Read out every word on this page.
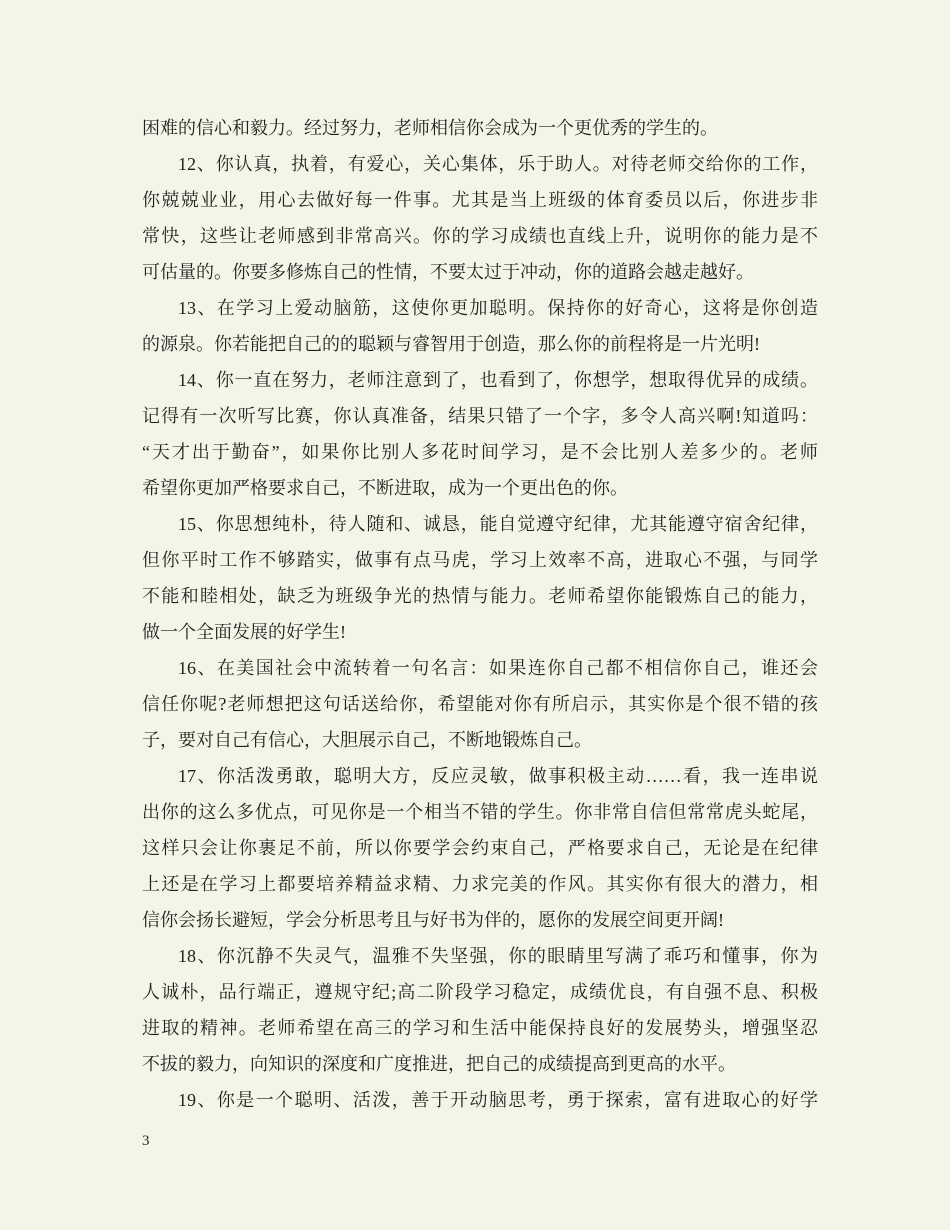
困难的信心和毅力。经过努力，老师相信你会成为一个更优秀的学生的。
12、你认真，执着，有爱心，关心集体，乐于助人。对待老师交给你的工作，
你兢兢业业，用心去做好每一件事。尤其是当上班级的体育委员以后，你进步非
常快，这些让老师感到非常高兴。你的学习成绩也直线上升，说明你的能力是不
可估量的。你要多修炼自己的性情，不要太过于冲动，你的道路会越走越好。
13、在学习上爱动脑筋，这使你更加聪明。保持你的好奇心，这将是你创造
的源泉。你若能把自己的的聪颖与睿智用于创造，那么你的前程将是一片光明!
14、你一直在努力，老师注意到了，也看到了，你想学，想取得优异的成绩。
记得有一次听写比赛，你认真准备，结果只错了一个字，多令人高兴啊!知道吗：
“天才出于勤奋”，如果你比别人多花时间学习，是不会比别人差多少的。老师
希望你更加严格要求自己，不断进取，成为一个更出色的你。
15、你思想纯朴，待人随和、诚恳，能自觉遵守纪律，尤其能遵守宿舍纪律，
但你平时工作不够踏实，做事有点马虎，学习上效率不高，进取心不强，与同学
不能和睦相处，缺乏为班级争光的热情与能力。老师希望你能锻炼自己的能力，
做一个全面发展的好学生!
16、在美国社会中流转着一句名言：如果连你自己都不相信你自己，谁还会
信任你呢?老师想把这句话送给你，希望能对你有所启示，其实你是个很不错的孩
子，要对自己有信心，大胆展示自己，不断地锻炼自己。
17、你活泼勇敢，聪明大方，反应灵敏，做事积极主动……看，我一连串说
出你的这么多优点，可见你是一个相当不错的学生。你非常自信但常常虎头蛇尾，
这样只会让你裹足不前，所以你要学会约束自己，严格要求自己，无论是在纪律
上还是在学习上都要培养精益求精、力求完美的作风。其实你有很大的潜力，相
信你会扬长避短，学会分析思考且与好书为伴的，愿你的发展空间更开阔!
18、你沉静不失灵气，温雅不失坚强，你的眼睛里写满了乖巧和懂事，你为
人诚朴，品行端正，遵规守纪;高二阶段学习稳定，成绩优良，有自强不息、积极
进取的精神。老师希望在高三的学习和生活中能保持良好的发展势头，增强坚忍
不拔的毅力，向知识的深度和广度推进，把自己的成绩提高到更高的水平。
19、你是一个聪明、活泼，善于开动脑思考，勇于探索，富有进取心的好学
3
